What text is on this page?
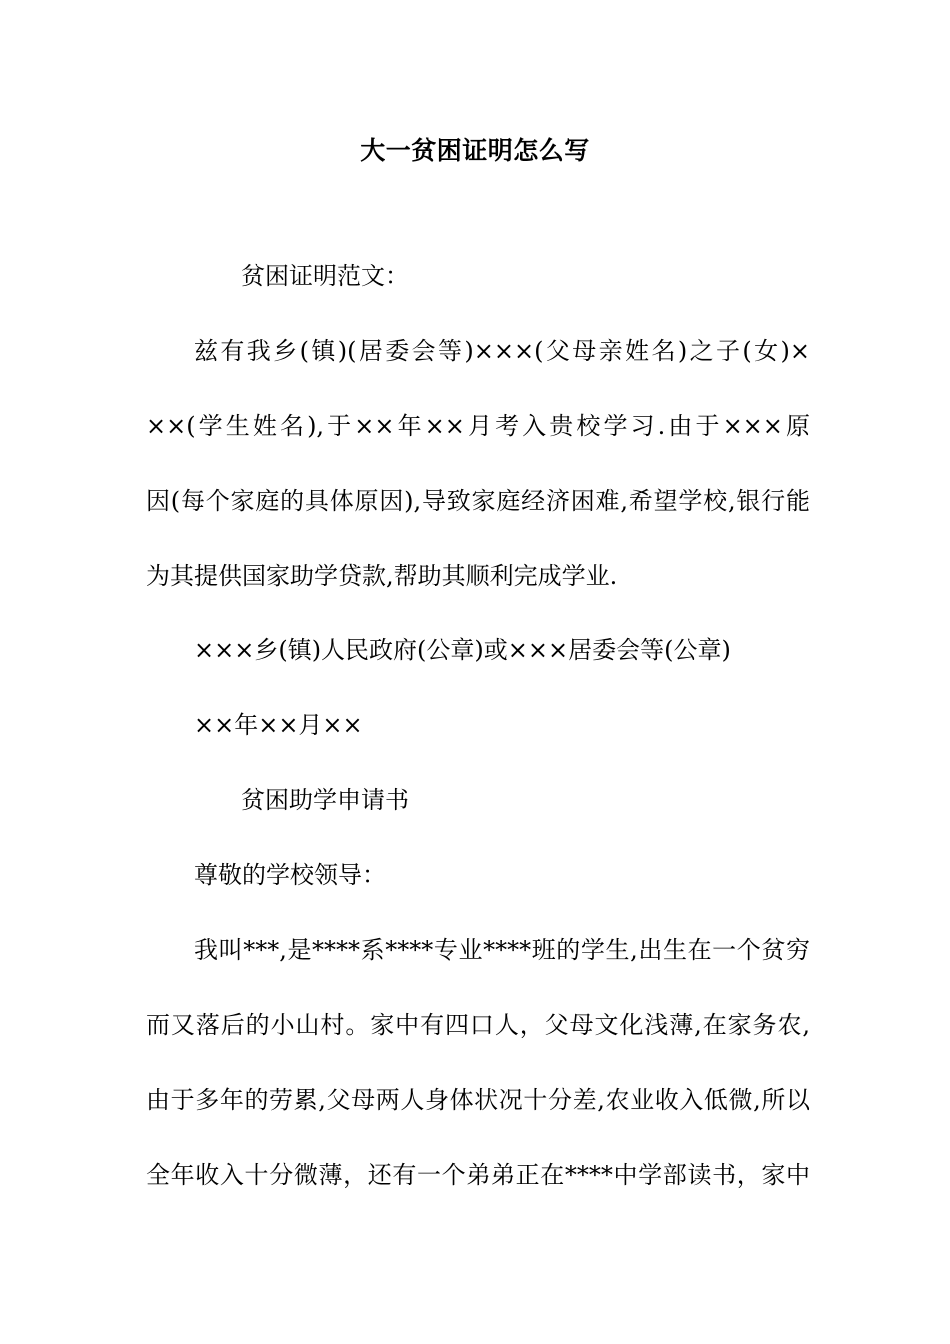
大一贫困证明怎么写
贫困证明范文：
兹有我乡(镇)(居委会等)×××(父母亲姓名)之子(女)×
××(学生姓名),于××年××月考入贵校学习.由于×××原
因(每个家庭的具体原因),导致家庭经济困难,希望学校,银行能
为其提供国家助学贷款,帮助其顺利完成学业.
×××乡(镇)人民政府(公章)或×××居委会等(公章)
××年××月××
贫困助学申请书
尊敬的学校领导：
我叫***,是****系****专业****班的学生,出生在一个贫穷
而又落后的小山村。家中有四口人，父母文化浅薄,在家务农,
由于多年的劳累,父母两人身体状况十分差,农业收入低微,所以
全年收入十分微薄，还有一个弟弟正在****中学部读书，家中
